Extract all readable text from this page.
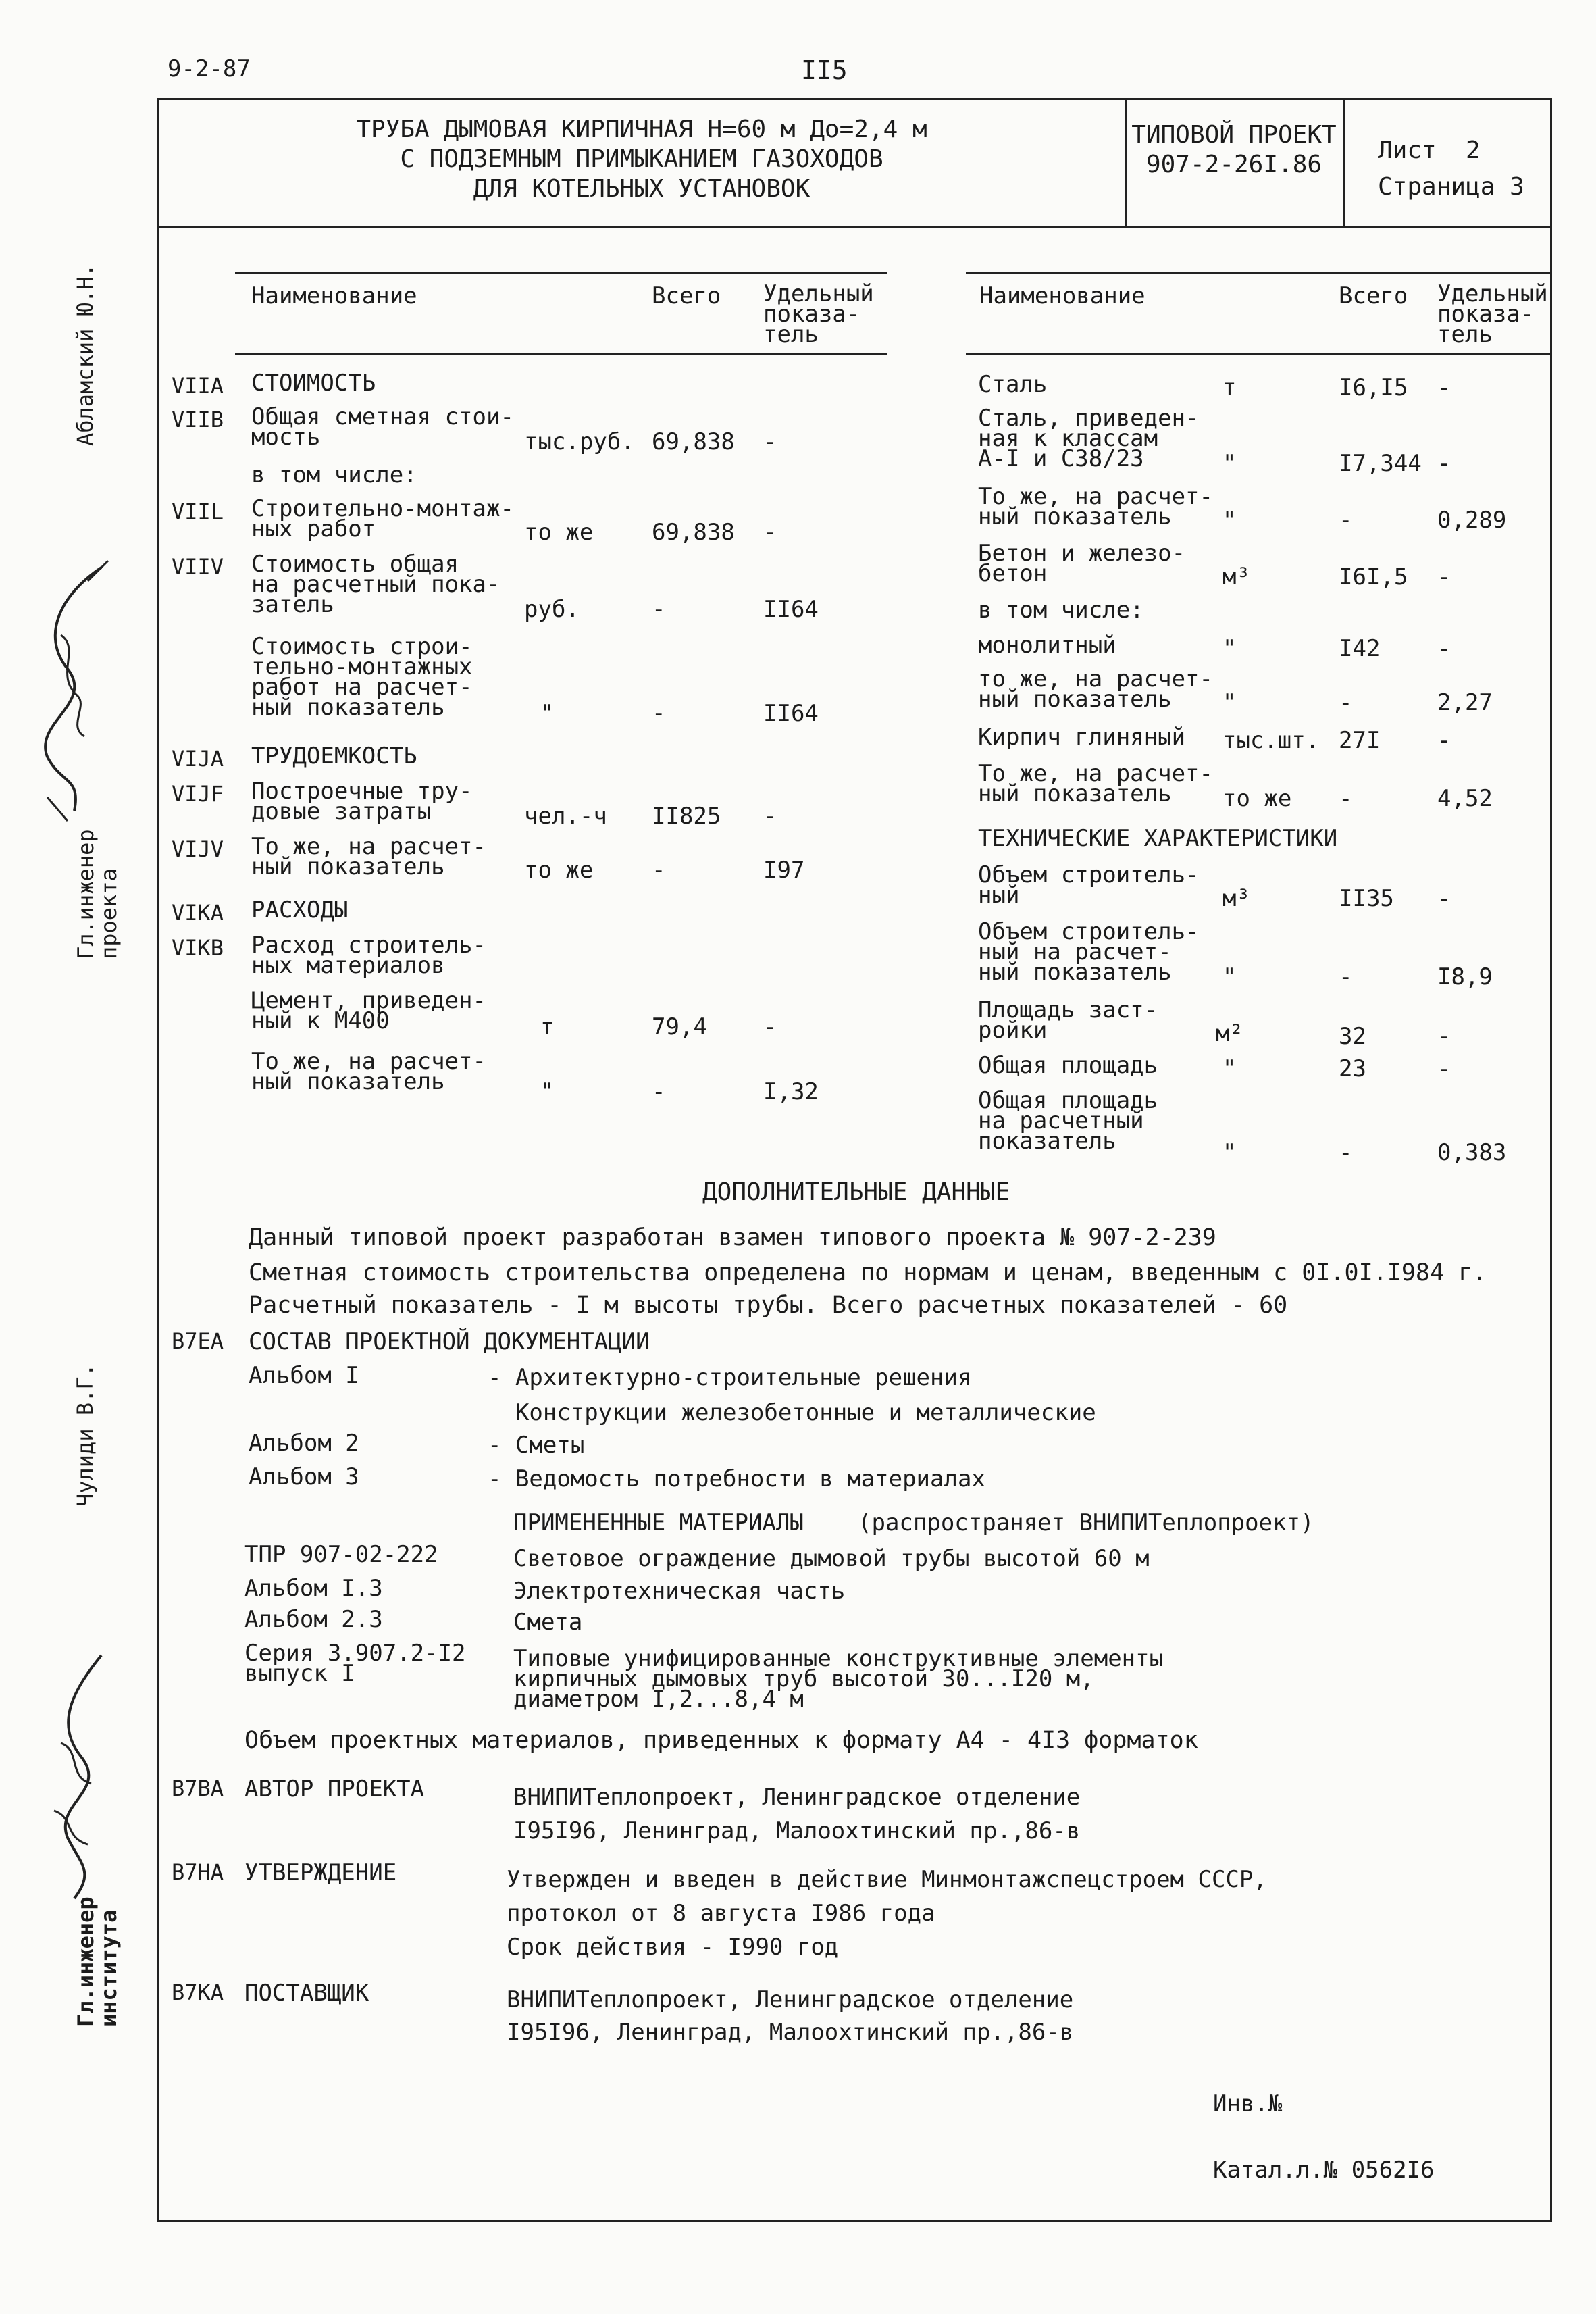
9-2-87	II5
ТРУБА ДЫМОВАЯ КИРПИЧНАЯ Н=60 м До=2,4 м
С ПОДЗЕМНЫМ ПРИМЫКАНИЕМ ГАЗОХОДОВ
ДЛЯ КОТЕЛЬНЫХ УСТАНОВОК
ТИПОВОЙ ПРОЕКТ
907-2-26I.86
Лист  2
Страница 3
Абламский Ю.Н.
Гл.инженер
проекта
Чулиди В.Г.
Гл.инженер
института
Наименование	Всего Удельный
показа-
тель
VIIA СТОИМОСТЬ
VIIB Общая сметная стои-
мость	тыс.руб. 69,838 -
в том числе:
VIIL Строительно-монтаж-
ных работ	то же	69,838 -
VIIV Стоимость общая
на расчетный пока-
затель	руб.	-	II64
Стоимость строи-
тельно-монтажных
работ на расчет-
ный показатель	"	-	II64
VIJA ТРУДОЕМКОСТЬ
VIJF Построечные тру-
довые затраты	чел.-ч II825 -
VIJV То же, на расчет-
ный показатель	то же	-	I97
VIKA РАСХОДЫ
VIKB Расход строитель-
ных материалов
Цемент, приведен-
ный к М400	т	79,4 -
То же, на расчет-
ный показатель	"	-	I,32
Наименование	Всего Удельный
показа-
тель
Сталь	т	I6,I5 -
Сталь, приведен-
ная к классам
А-I и С38/23	"	I7,344 -
То же, на расчет-
ный показатель	"	-	0,289
Бетон и железо-
бетон	м³	I6I,5 -
в том числе:
монолитный	"	I42 -
то же, на расчет-
ный показатель	"	-	2,27
Кирпич глиняный тыс.шт. 27I -
То же, на расчет-
ный показатель	то же -	4,52
ТЕХНИЧЕСКИЕ ХАРАКТЕРИСТИКИ
Объем строитель-
ный	м³	II35 -
Объем строитель-
ный на расчет-
ный показатель	"	-	I8,9
Площадь заст-
ройки	м²	32	-
Общая площадь	"	23	-
Общая площадь
на расчетный
показатель	"	-	0,383
ДОПОЛНИТЕЛЬНЫЕ ДАННЫЕ
Данный типовой проект разработан взамен типового проекта № 907-2-239
Сметная стоимость строительства определена по нормам и ценам, введенным с 0I.0I.I984 г.
Расчетный показатель - I м высоты трубы. Всего расчетных показателей - 60
В7ЕА СОСТАВ ПРОЕКТНОЙ ДОКУМЕНТАЦИИ
Альбом I	- Архитектурно-строительные решения
Конструкции железобетонные и металлические
Альбом 2	- Сметы
Альбом 3	- Ведомость потребности в материалах
ПРИМЕНЕННЫЕ МАТЕРИАЛЫ (распространяет ВНИПИТеплопроект)
ТПР 907-02-222	Световое ограждение дымовой трубы высотой 60 м
Альбом I.3	Электротехническая часть
Альбом 2.3	Смета
Серия 3.907.2-I2
выпуск I
Типовые унифицированные конструктивные элементы
кирпичных дымовых труб высотой 30...I20 м,
диаметром I,2...8,4 м
Объем проектных материалов, приведенных к формату А4 - 4I3 форматок
В7ВА АВТОР ПРОЕКТА	ВНИПИТеплопроект, Ленинградское отделение
I95I96, Ленинград, Малоохтинский пр.,86-в
В7НА УТВЕРЖДЕНИЕ	Утвержден и введен в действие Минмонтажспецстроем СССР,
протокол от 8 августа I986 года
Срок действия - I990 год
В7КА ПОСТАВЩИК	ВНИПИТеплопроект, Ленинградское отделение
I95I96, Ленинград, Малоохтинский пр.,86-в
Инв.№
Катал.л.№ 0562I6
